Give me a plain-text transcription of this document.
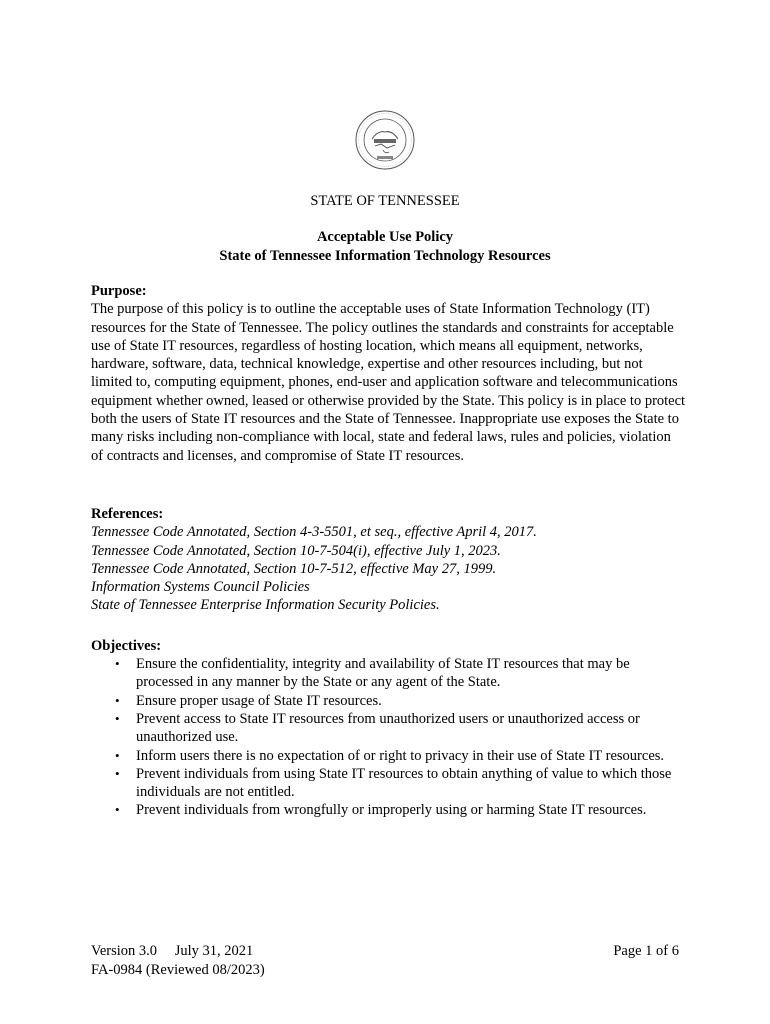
STATE OF TENNESSEE
Acceptable Use Policy
State of Tennessee Information Technology Resources
Purpose:

The purpose of this policy is to outline the acceptable uses of State Information Technology (IT) resources for the State of Tennessee. The policy outlines the standards and constraints for acceptable use of State IT resources, regardless of hosting location, which means all equipment, networks, hardware, software, data, technical knowledge, expertise and other resources including, but not limited to, computing equipment, phones, end-user and application software and telecommunications equipment whether owned, leased or otherwise provided by the State. This policy is in place to protect both the users of State IT resources and the State of Tennessee. Inappropriate use exposes the State to many risks including non-compliance with local, state and federal laws, rules and policies, violation of contracts and licenses, and compromise of State IT resources.

References:
Tennessee Code Annotated, Section 4-3-5501, et seq., effective April 4, 2017.
Tennessee Code Annotated, Section 10-7-504(i), effective July 1, 2023.
Tennessee Code Annotated, Section 10-7-512, effective May 27, 1999.
Information Systems Council Policies
State of Tennessee Enterprise Information Security Policies.
Objectives:
• Ensure the confidentiality, integrity and availability of State IT resources that may be processed in any manner by the State or any agent of the State.
• Ensure proper usage of State IT resources.
• Prevent access to State IT resources from unauthorized users or unauthorized access or unauthorized use.
• Inform users there is no expectation of or right to privacy in their use of State IT resources.
• Prevent individuals from using State IT resources to obtain anything of value to which those individuals are not entitled.
• Prevent individuals from wrongfully or improperly using or harming State IT resources.
Version 3.0 July 31, 2021	Page 1 of 6
FA-0984 (Reviewed 08/2023)
